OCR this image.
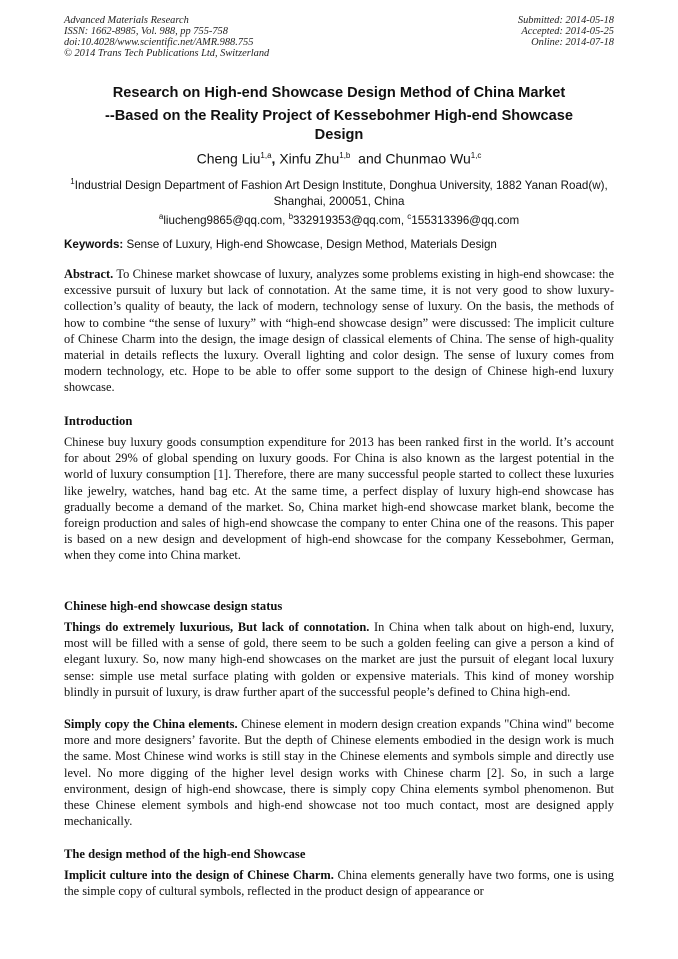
Advanced Materials Research
ISSN: 1662-8985, Vol. 988, pp 755-758
doi:10.4028/www.scientific.net/AMR.988.755
© 2014 Trans Tech Publications Ltd, Switzerland
Submitted: 2014-05-18
Accepted: 2014-05-25
Online: 2014-07-18
Research on High-end Showcase Design Method of China Market
--Based on the Reality Project of Kessebohmer High-end Showcase
Design
Cheng Liu$^{1,a}$, Xinfu Zhu$^{1,b}$  and Chunmao Wu$^{1,c}$
$^1$Industrial Design Department of Fashion Art Design Institute, Donghua University, 1882 Yanan Road(w), Shanghai, 200051, China
$^a$liucheng9865@qq.com, $^b$332919353@qq.com, $^c$155313396@qq.com
Keywords: Sense of Luxury, High-end Showcase, Design Method, Materials Design
Abstract. To Chinese market showcase of luxury, analyzes some problems existing in high-end showcase: the excessive pursuit of luxury but lack of connotation. At the same time, it is not very good to show luxury-collection’s quality of beauty, the lack of modern, technology sense of luxury. On the basis, the methods of how to combine “the sense of luxury” with “high-end showcase design” were discussed: The implicit culture of Chinese Charm into the design, the image design of classical elements of China. The sense of high-quality material in details reflects the luxury. Overall lighting and color design. The sense of luxury comes from modern technology, etc. Hope to be able to offer some support to the design of Chinese high-end luxury showcase.
Introduction
Chinese buy luxury goods consumption expenditure for 2013 has been ranked first in the world. It’s account for about 29% of global spending on luxury goods. For China is also known as the largest potential in the world of luxury consumption [1]. Therefore, there are many successful people started to collect these luxuries like jewelry, watches, hand bag etc. At the same time, a perfect display of luxury high-end showcase has gradually become a demand of the market. So, China market high-end showcase market blank, become the foreign production and sales of high-end showcase the company to enter China one of the reasons. This paper is based on a new design and development of high-end showcase for the company Kessebohmer, German, when they come into China market.
Chinese high-end showcase design status
Things do extremely luxurious, But lack of connotation. In China when talk about on high-end, luxury, most will be filled with a sense of gold, there seem to be such a golden feeling can give a person a kind of elegant luxury. So, now many high-end showcases on the market are just the pursuit of elegant local luxury sense: simple use metal surface plating with golden or expensive materials. This kind of money worship blindly in pursuit of luxury, is draw further apart of the successful people’s defined to China high-end.
Simply copy the China elements. Chinese element in modern design creation expands "China wind" become more and more designers’ favorite. But the depth of Chinese elements embodied in the design work is much the same. Most Chinese wind works is still stay in the Chinese elements and symbols simple and directly use level. No more digging of the higher level design works with Chinese charm [2]. So, in such a large environment, design of high-end showcase, there is simply copy China elements symbol phenomenon. But these Chinese element symbols and high-end showcase not too much contact, most are designed apply mechanically.
The design method of the high-end Showcase
Implicit culture into the design of Chinese Charm. China elements generally have two forms, one is using the simple copy of cultural symbols, reflected in the product design of appearance or
